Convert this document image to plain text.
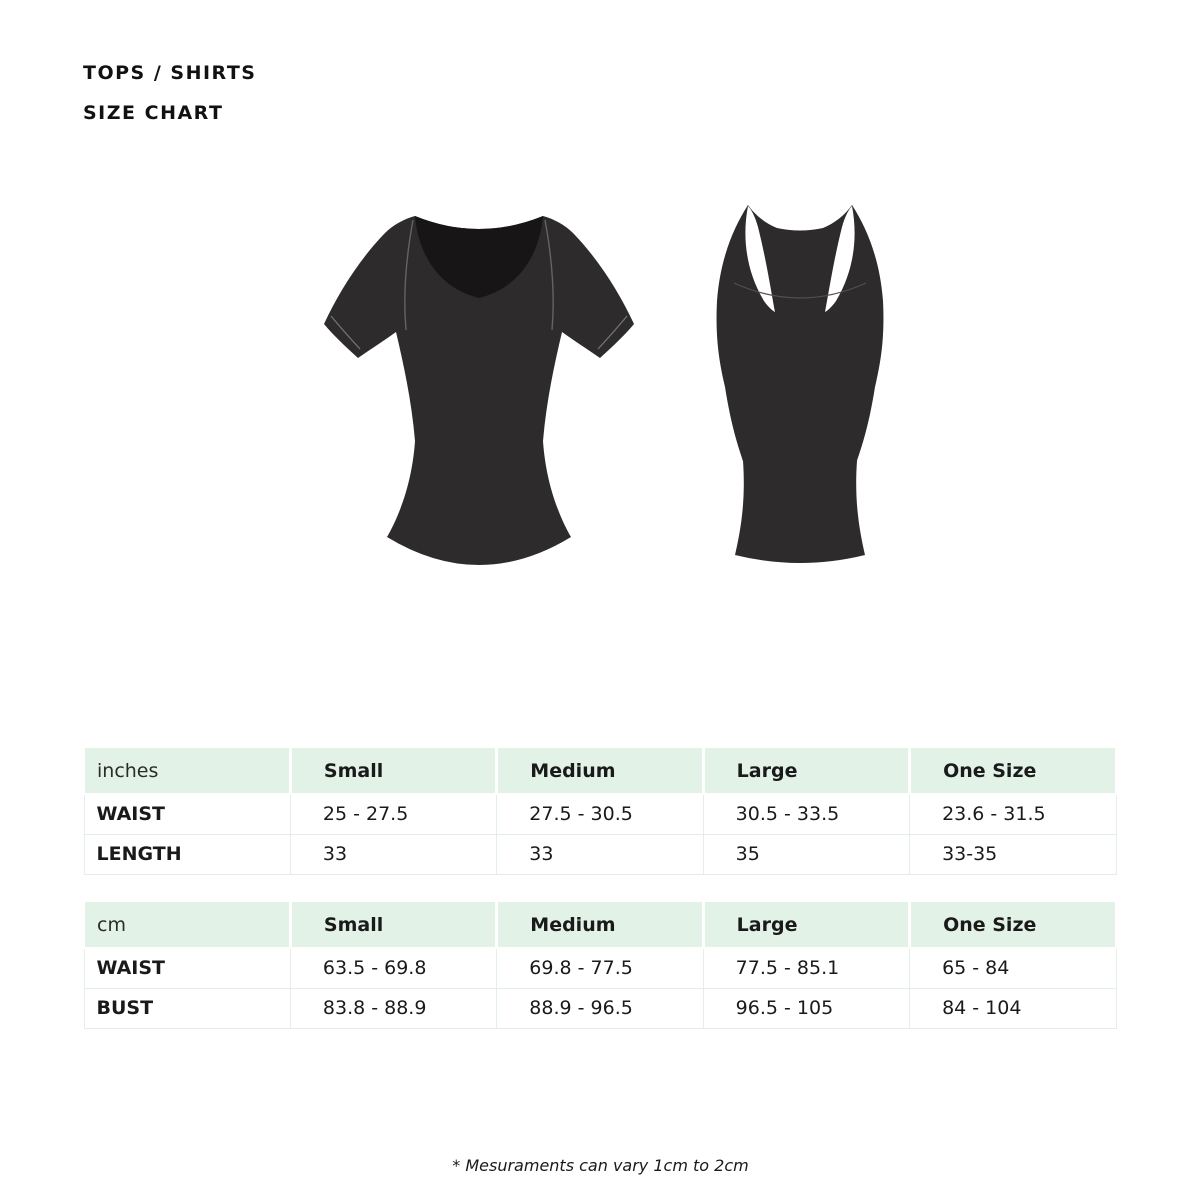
TOPS / SHIRTS
SIZE CHART
inches	Small	Medium	Large	One Size
WAIST	25 - 27.5	27.5 - 30.5	30.5 - 33.5	23.6 - 31.5
LENGTH	33	33	35	33-35
cm	Small	Medium	Large	One Size
WAIST	63.5 - 69.8	69.8 - 77.5	77.5 - 85.1	65 - 84
BUST	83.8 - 88.9	88.9 - 96.5	96.5 - 105	84 - 104

* Mesuraments can vary 1cm to 2cm
